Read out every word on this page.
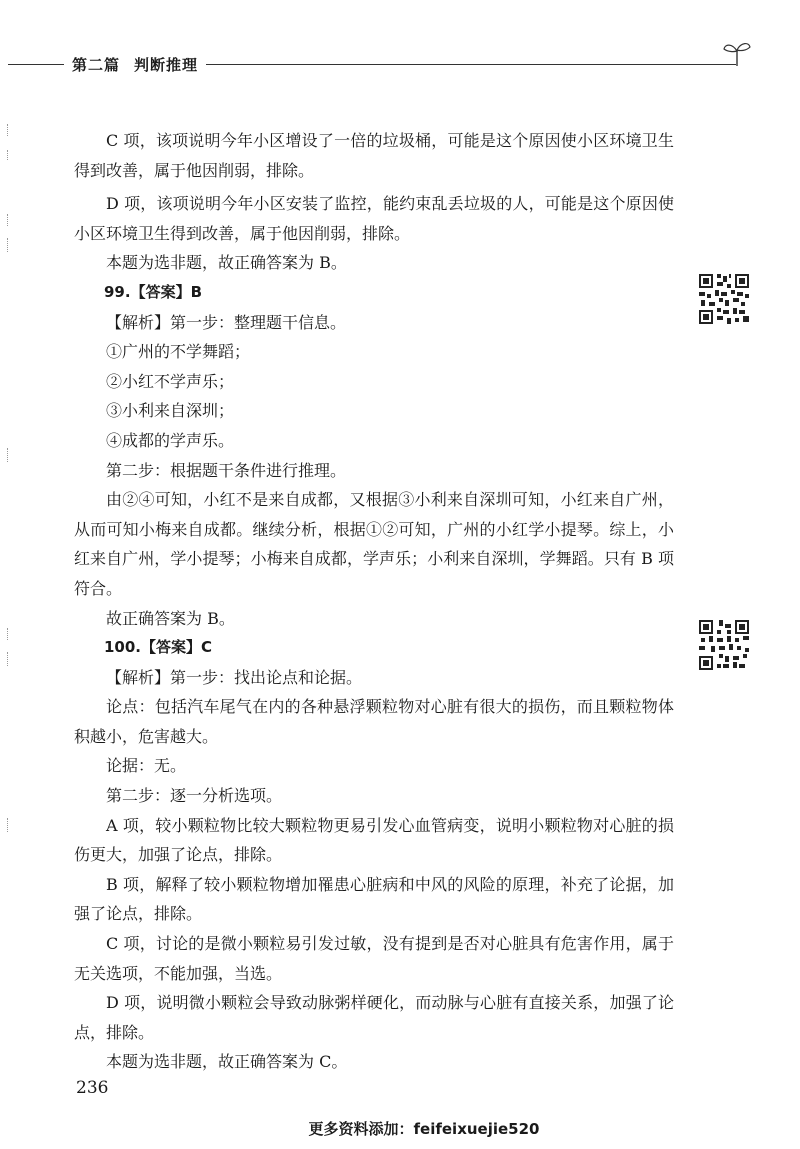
第二篇 判断推理

C 项，该项说明今年小区增设了一倍的垃圾桶，可能是这个原因使小区环境卫生得到改善，属于他因削弱，排除。

D 项，该项说明今年小区安装了监控，能约束乱丢垃圾的人，可能是这个原因使小区环境卫生得到改善，属于他因削弱，排除。

本题为选非题，故正确答案为 B。

99.【答案】B

【解析】第一步：整理题干信息。

①广州的不学舞蹈；

②小红不学声乐；

③小利来自深圳；

④成都的学声乐。

第二步：根据题干条件进行推理。

由②④可知，小红不是来自成都，又根据③小利来自深圳可知，小红来自广州，从而可知小梅来自成都。继续分析，根据①②可知，广州的小红学小提琴。综上，小红来自广州，学小提琴；小梅来自成都，学声乐；小利来自深圳，学舞蹈。只有 B 项符合。

故正确答案为 B。

100.【答案】C

【解析】第一步：找出论点和论据。

论点：包括汽车尾气在内的各种悬浮颗粒物对心脏有很大的损伤，而且颗粒物体积越小，危害越大。

论据：无。

第二步：逐一分析选项。

A 项，较小颗粒物比较大颗粒物更易引发心血管病变，说明小颗粒物对心脏的损伤更大，加强了论点，排除。

B 项，解释了较小颗粒物增加罹患心脏病和中风的风险的原理，补充了论据，加强了论点，排除。

C 项，讨论的是微小颗粒易引发过敏，没有提到是否对心脏具有危害作用，属于无关选项，不能加强，当选。

D 项，说明微小颗粒会导致动脉粥样硬化，而动脉与心脏有直接关系，加强了论点，排除。

本题为选非题，故正确答案为 C。

236
更多资料添加：feifeixuejie520
